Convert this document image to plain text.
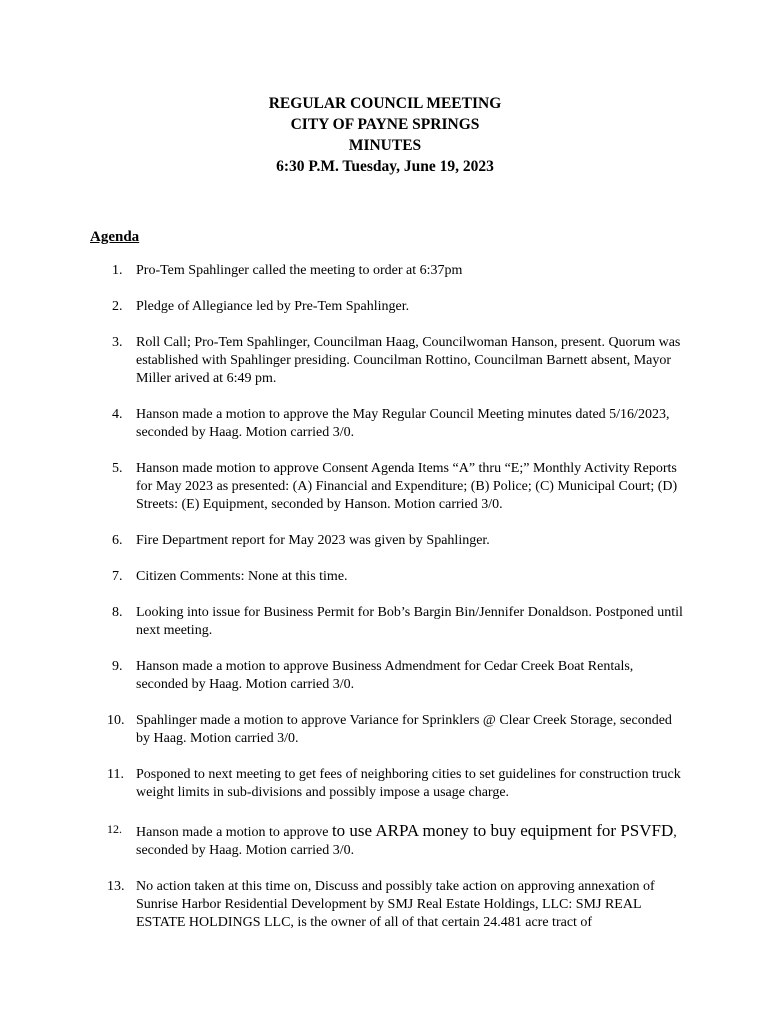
REGULAR COUNCIL MEETING
CITY OF PAYNE SPRINGS
MINUTES
6:30 P.M. Tuesday, June 19, 2023
Agenda
1. Pro-Tem Spahlinger called the meeting to order at 6:37pm
2. Pledge of Allegiance led by Pre-Tem Spahlinger.
3. Roll Call; Pro-Tem Spahlinger, Councilman Haag, Councilwoman Hanson, present. Quorum was established with Spahlinger presiding. Councilman Rottino, Councilman Barnett absent, Mayor Miller arived at 6:49 pm.
4. Hanson made a motion to approve the May Regular Council Meeting minutes dated 5/16/2023, seconded by Haag. Motion carried 3/0.
5. Hanson made motion to approve Consent Agenda Items “A” thru “E;” Monthly Activity Reports for May 2023 as presented: (A) Financial and Expenditure; (B) Police; (C) Municipal Court; (D) Streets: (E) Equipment, seconded by Hanson. Motion carried 3/0.
6. Fire Department report for May 2023 was given by Spahlinger.
7. Citizen Comments: None at this time.
8. Looking into issue for Business Permit for Bob’s Bargin Bin/Jennifer Donaldson. Postponed until next meeting.
9. Hanson made a motion to approve Business Admendment for Cedar Creek Boat Rentals, seconded by Haag. Motion carried 3/0.
10. Spahlinger made a motion to approve Variance for Sprinklers @ Clear Creek Storage, seconded by Haag. Motion carried 3/0.
11. Posponed to next meeting to get fees of neighboring cities to set guidelines for construction truck weight limits in sub-divisions and possibly impose a usage charge.
12. Hanson made a motion to approve to use ARPA money to buy equipment for PSVFD, seconded by Haag. Motion carried 3/0.
13. No action taken at this time on, Discuss and possibly take action on approving annexation of Sunrise Harbor Residential Development by SMJ Real Estate Holdings, LLC: SMJ REAL ESTATE HOLDINGS LLC, is the owner of all of that certain 24.481 acre tract of
